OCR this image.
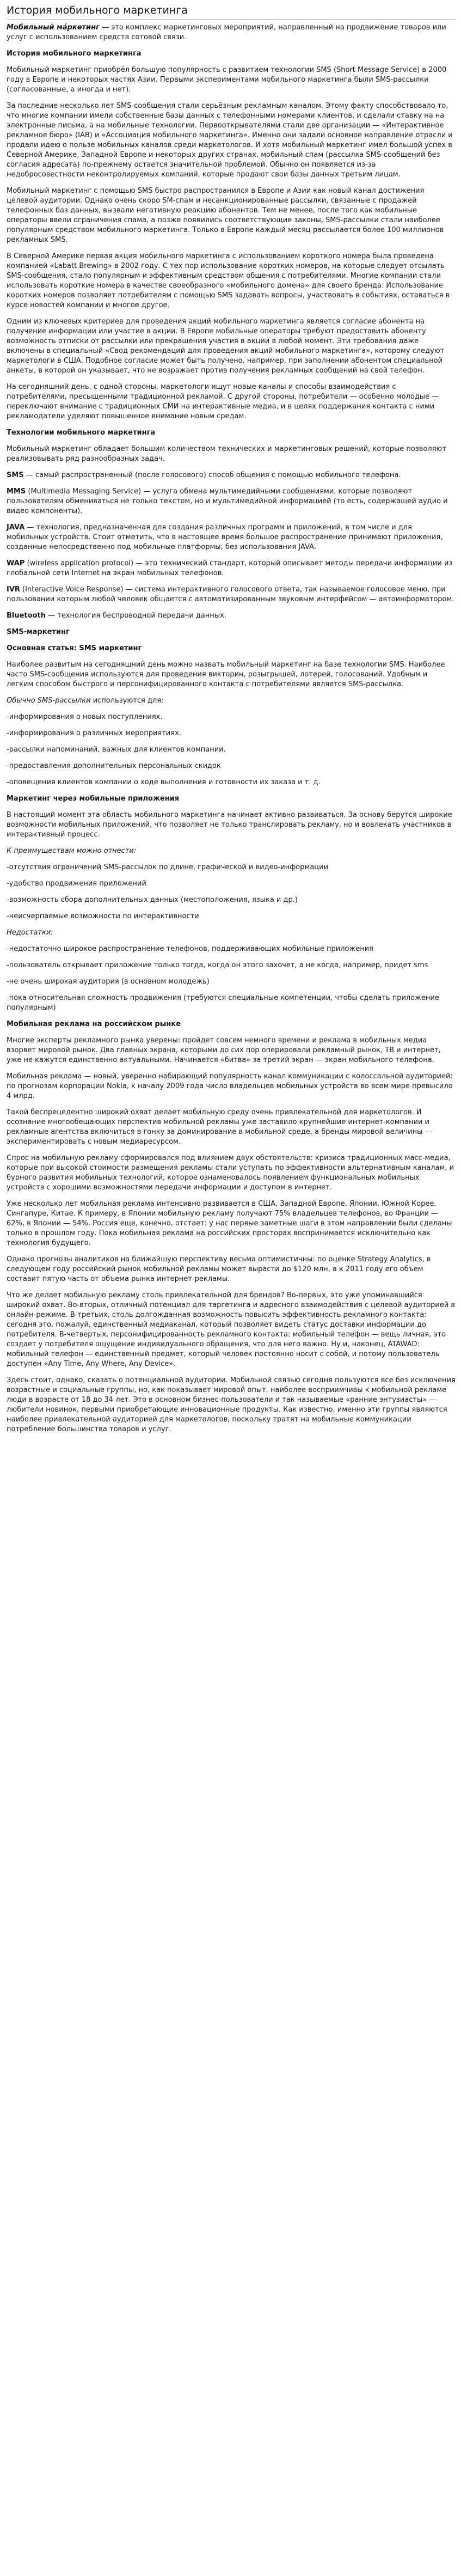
История мобильного маркетинга

Мобильный ма́ркетинг — это комплекс маркетинговых мероприятий, направленный на продвижение товаров или услуг с использованием средств сотовой связи.

История мобильного маркетинга

Мобильный маркетинг приобрёл большую популярность с развитием технологии SMS (Short Message Service) в 2000 году в Европе и некоторых частях Азии. Первыми экспериментами мобильного маркетинга были SMS-рассылки (согласованные, а иногда и нет).

За последние несколько лет SMS-сообщения стали серьёзным рекламным каналом. Этому факту способствовало то, что многие компании имели собственные базы данных с телефонными номерами клиентов, и сделали ставку на на электронные письма, а на мобильные технологии. Первооткрывателями стали две организации — «Интерактивное рекламное бюро» (IAB) и «Ассоциация мобильного маркетинга». Именно они задали основное направление отрасли и продали идею о пользе мобильных каналов среди маркетологов. И хотя мобильный маркетинг имел большой успех в Северной Америке, Западной Европе и некоторых других странах, мобильный спам (рассылка SMS-сообщений без согласия адресата) по-прежнему остается значительной проблемой. Обычно он появляется из-за недобросовестности неконтролируемых компаний, которые продают свои базы данных третьим лицам.

Мобильный маркетинг с помощью SMS быстро распространился в Европе и Азии как новый канал достижения целевой аудитории. Однако очень скоро SM-спам и несанкционированные рассылки, связанные с продажей телефонных баз данных, вызвали негативную реакцию абонентов. Тем не менее, после того как мобильные операторы ввели ограничения спама, а позже появились соответствующие законы, SMS-рассылки стали наиболее популярным средством мобильного маркетинга. Только в Европе каждый месяц рассылается более 100 миллионов рекламных SMS.

В Северной Америке первая акция мобильного маркетинга с использованием короткого номера была проведена компанией «Labatt Brewing» в 2002 году. С тех пор использование коротких номеров, на которые следует отсылать SMS-сообщения, стало популярным и эффективным средством общения с потребителями. Многие компании стали использовать короткие номера в качестве своеобразного «мобильного домена» для своего бренда. Использование коротких номеров позволяет потребителям с помощью SMS задавать вопросы, участвовать в событиях, оставаться в курсе новостей компании и многое другое.

Одним из ключевых критериев для проведения акций мобильного маркетинга является согласие абонента на получение информации или участие в акции. В Европе мобильные операторы требуют предоставить абоненту возможность отписки от рассылки или прекращения участия в акции в любой момент. Эти требования даже включены в специальный «Свод рекомендаций для проведения акций мобильного маркетинга», которому следуют маркетологи в США. Подобное согласие может быть получено, например, при заполнении абонентом специальной анкеты, в которой он указывает, что не возражает против получения рекламных сообщений на свой телефон.

На сегодняшний день, с одной стороны, маркетологи ищут новые каналы и способы взаимодействия с потребителями, пресыщенными традиционной рекламой. С другой стороны, потребители — особенно молодые — переключают внимание с традиционных СМИ на интерактивные медиа, и в целях поддержания контакта с ними рекламодатели уделяют повышенное внимание новым средам.

Технологии мобильного маркетинга

Мобильный маркетинг обладает большим количеством технических и маркетинговых решений, которые позволяют реализовывать ряд разнообразных задач.

SMS — самый распространенный (после голосового) способ общения с помощью мобильного телефона.

MMS (Multimedia Messaging Service) — услуга обмена мультимедийными сообщениями, которые позволяют пользователям обмениваться не только текстом, но и мультимедийной информацией (то есть, содержащей аудио и видео компоненты).

JAVA — технология, предназначенная для создания различных программ и приложений, в том числе и для мобильных устройств. Стоит отметить, что в настоящее время большое распространение принимают приложения, созданные непосредственно под мобильные платформы, без использования JAVA.

WAP (wireless application protocol) — это технический стандарт, который описывает методы передачи информации из глобальной сети Internet на экран мобильных телефонов.

IVR (Interactive Voice Response) — система интерактивного голосового ответа, так называемое голосовое меню, при пользовании которым любой человек общается с автоматизированным звуковым интерфейсом — автоинформатором.

Bluetooth — технология беспроводной передачи данных.

SMS-маркетинг
Основная статья: SMS маркетинг

Наиболее развитым на сегодняшний день можно назвать мобильный маркетинг на базе технологии SMS. Наиболее часто SMS-сообщения используются для проведения викторин, розыгрышей, лотерей, голосований. Удобным и легким способом быстрого и персонифицированного контакта с потребителями является SMS-рассылка.

Обычно SMS-рассылки используются для:

-информирования о новых поступлениях.

-информирования о различных мероприятиях.

-рассылки напоминаний, важных для клиентов компании.

-предоставления дополнительных персональных скидок

-оповещения клиентов компании о ходе выполнения и готовности их заказа и т. д.

Маркетинг через мобильные приложения

В настоящий момент эта область мобильного маркетинга начинает активно развиваться. За основу берутся широкие возможности мобильных приложений, что позволяет не только транслировать рекламу, но и вовлекать участников в интерактивный процесс.

К преимуществам можно отнести:

-отсутствия ограничений SMS-рассылок по длине, графической и видео-информации

-удобство продвижения приложений

-возможность сбора дополнительных данных (местоположения, языка и др.)

-неисчерпаемые возможности по интерактивности

Недостатки:

-недостаточно широкое распространение телефонов, поддерживающих мобильные приложения

-пользователь открывает приложение только тогда, когда он этого захочет, а не когда, например, придет sms

-не очень широкая аудитория (в основном молодежь)

-пока относительная сложность продвижения (требуются специальные компетенции, чтобы сделать приложение популярным)

Мобильная реклама на российском рынке

Многие эксперты рекламного рынка уверены: пройдет совсем немного времени и реклама в мобильных медиа взорвет мировой рынок. Два главных экрана, которыми до сих пор оперировали рекламный рынок, ТВ и интернет, уже не кажутся единственно актуальными. Начинается «битва» за третий экран — экран мобильного телефона.

Мобильная реклама — новый, уверенно набирающий популярность канал коммуникации с колоссальной аудиторией: по прогнозам корпорации Nokia, к началу 2009 года число владельцев мобильных устройств во всем мире превысило 4 млрд.

Такой беспрецедентно широкий охват делает мобильную среду очень привлекательной для маркетологов. И осознание многообещающих перспектив мобильной рекламы уже заставило крупнейшие интернет-компании и рекламные агентства включиться в гонку за доминирование в мобильной среде, а бренды мировой величины — экспериментировать с новым медиаресурсом.

Спрос на мобильную рекламу сформировался под влиянием двух обстоятельств: кризиса традиционных масс-медиа, которые при высокой стоимости размещения рекламы стали уступать по эффективности альтернативным каналам, и бурного развития мобильных технологий, которое ознаменовалось появлением функциональных мобильных устройств с хорошими возможностями передачи информации и доступом в интернет.

Уже несколько лет мобильная реклама интенсивно развивается в США, Западной Европе, Японии, Южной Корее, Сингапуре, Китае. К примеру, в Японии мобильную рекламу получают 75% владельцев телефонов, во Франции — 62%, в Японии — 54%. Россия еще, конечно, отстает: у нас первые заметные шаги в этом направлении были сделаны только в прошлом году. Пока мобильная реклама на российских просторах воспринимается исключительно как технология будущего.

Однако прогнозы аналитиков на ближайшую перспективу весьма оптимистичны: по оценке Strategy Analytics, в следующем году российский рынок мобильной рекламы может вырасти до $120 млн, а к 2011 году его объем составит пятую часть от объема рынка интернет-рекламы.

Что же делает мобильную рекламу столь привлекательной для брендов? Во-первых, это уже упоминавшийся широкий охват. Во-вторых, отличный потенциал для таргетинга и адресного взаимодействия с целевой аудиторией в онлайн-режиме. В-третьих, столь долгожданная возможность повысить эффективность рекламного контакта: сегодня это, пожалуй, единственный медиаканал, который позволяет видеть статус доставки информации до потребителя. В-четвертых, персонифицированность рекламного контакта: мобильный телефон — вещь личная, это создает у потребителя ощущение индивидуального обращения, что для него важно. Ну и, наконец, ATAWAD: мобильный телефон — единственный предмет, который человек постоянно носит с собой, и потому пользователь доступен «Any Time, Any Where, Any Device».

Здесь стоит, однако, сказать о потенциальной аудитории. Мобильной связью сегодня пользуются все без исключения возрастные и социальные группы, но, как показывает мировой опыт, наиболее восприимчивы к мобильной рекламе люди в возрасте от 18 до 34 лет. Это в основном бизнес-пользователи и так называемые «ранние энтузиасты» — любители новинок, первыми приобретающие инновационные продукты. Как известно, именно эти группы являются наиболее привлекательной аудиторией для маркетологов, поскольку тратят на мобильные коммуникации потребление большинства товаров и услуг.
